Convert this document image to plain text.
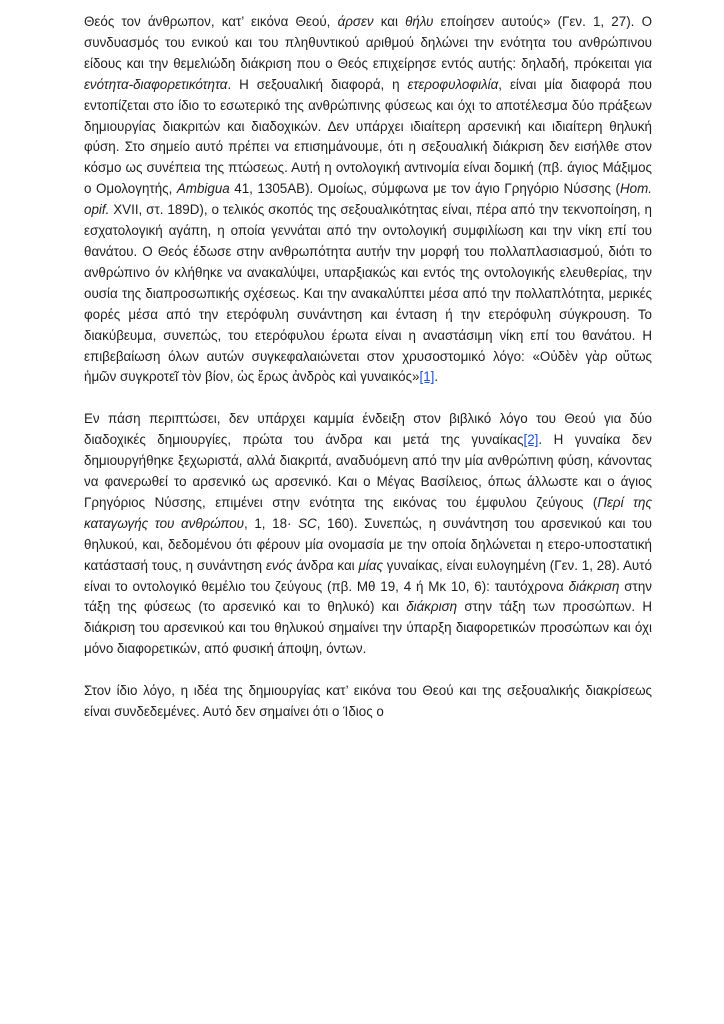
Θεός τον άνθρωπον, κατ’ εικόνα Θεού, άρσεν και θήλυ εποίησεν αυτούς» (Γεν. 1, 27). Ο συνδυασμός του ενικού και του πληθυντικού αριθμού δηλώνει την ενότητα του ανθρώπινου είδους και την θεμελιώδη διάκριση που ο Θεός επιχείρησε εντός αυτής: δηλαδή, πρόκειται για ενότητα-διαφορετικότητα. Η σεξουαλική διαφορά, η ετεροφυλοφιλία, είναι μία διαφορά που εντοπίζεται στο ίδιο το εσωτερικό της ανθρώπινης φύσεως και όχι το αποτέλεσμα δύο πράξεων δημιουργίας διακριτών και διαδοχικών. Δεν υπάρχει ιδιαίτερη αρσενική και ιδιαίτερη θηλυκή φύση. Στο σημείο αυτό πρέπει να επισημάνουμε, ότι η σεξουαλική διάκριση δεν εισήλθε στον κόσμο ως συνέπεια της πτώσεως. Αυτή η οντολογική αντινομία είναι δομική (πβ. άγιος Μάξιμος ο Ομολογητής, Ambigua 41, 1305AB). Ομοίως, σύμφωνα με τον άγιο Γρηγόριο Νύσσης (Hom. opif. XVII, στ. 189D), ο τελικός σκοπός της σεξουαλικότητας είναι, πέρα από την τεκνοποίηση, η εσχατολογική αγάπη, η οποία γεννάται από την οντολογική συμφιλίωση και την νίκη επί του θανάτου. Ο Θεός έδωσε στην ανθρωπότητα αυτήν την μορφή του πολλαπλασιασμού, διότι το ανθρώπινο όν κλήθηκε να ανακαλύψει, υπαρξιακώς και εντός της οντολογικής ελευθερίας, την ουσία της διαπροσωπικής σχέσεως. Και την ανακαλύπτει μέσα από την πολλαπλότητα, μερικές φορές μέσα από την ετερόφυλη συνάντηση και ένταση ή την ετερόφυλη σύγκρουση. Το διακύβευμα, συνεπώς, του ετερόφυλου έρωτα είναι η αναστάσιμη νίκη επί του θανάτου. Η επιβεβαίωση όλων αυτών συγκεφαλαιώνεται στον χρυσοστομικό λόγο: «Οὐδὲν γὰρ οὕτως ἡμῶν συγκροτεῖ τὸν βίον, ὡς ἔρως ἀνδρὸς καὶ γυναικός»[1].

Εν πάση περιπτώσει, δεν υπάρχει καμμία ένδειξη στον βιβλικό λόγο του Θεού για δύο διαδοχικές δημιουργίες, πρώτα του άνδρα και μετά της γυναίκας[2]. Η γυναίκα δεν δημιουργήθηκε ξεχωριστά, αλλά διακριτά, αναδυόμενη από την μία ανθρώπινη φύση, κάνοντας να φανερωθεί το αρσενικό ως αρσενικό. Και ο Μέγας Βασίλειος, όπως άλλωστε και ο άγιος Γρηγόριος Νύσσης, επιμένει στην ενότητα της εικόνας του έμφυλου ζεύγους (Περί της καταγωγής του ανθρώπου, 1, 18· SC, 160). Συνεπώς, η συνάντηση του αρσενικού και του θηλυκού, και, δεδομένου ότι φέρουν μία ονομασία με την οποία δηλώνεται η ετερο-υποστατική κατάστασή τους, η συνάντηση ενός άνδρα και μίας γυναίκας, είναι ευλογημένη (Γεν. 1, 28). Αυτό είναι το οντολογικό θεμέλιο του ζεύγους (πβ. Μθ 19, 4 ή Μκ 10, 6): ταυτόχρονα διάκριση στην τάξη της φύσεως (το αρσενικό και το θηλυκό) και διάκριση στην τάξη των προσώπων. Η διάκριση του αρσενικού και του θηλυκού σημαίνει την ύπαρξη διαφορετικών προσώπων και όχι μόνο διαφορετικών, από φυσική άποψη, όντων.

Στον ίδιο λόγο, η ιδέα της δημιουργίας κατ’ εικόνα του Θεού και της σεξουαλικής διακρίσεως είναι συνδεδεμένες. Αυτό δεν σημαίνει ότι ο Ίδιος ο
